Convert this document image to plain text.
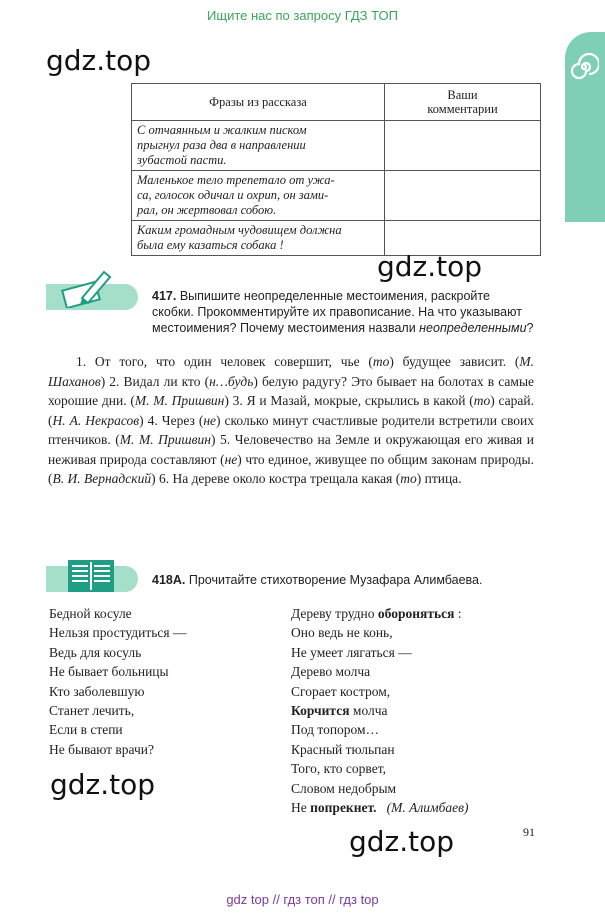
Ищите нас по запросу ГДЗ ТОП
gdz.top
Фразы из рассказа	Ваши
комментарии
С отчаянным и жалким писком
прыгнул раза два в направлении
зубастой пасти.	
Маленькое тело трепетало от ужа-
са, голосок одичал и охрип, он зами-
рал, он жертвовал собою.	
Каким громадным чудовищем должна
была ему казаться собака !	
gdz.top
417. Выпишите неопределенные местоимения, раскройте
скобки. Прокомментируйте их правописание. На что указывают
местоимения? Почему местоимения назвали неопределенными?
1. От того, что один человек совершит, чье (то) будущее зависит. (М. Шаханов) 2. Видал ли кто (н…будь) белую радугу? Это бывает на болотах в самые хорошие дни. (М. М. Пришвин) 3. Я и Мазай, мокрые, скрылись в какой (то) сарай. (Н. А. Некрасов) 4. Через (не) сколько минут счастливые родители встретили своих птенчиков. (М. М. Пришвин) 5. Человечество на Земле и окружающая его живая и неживая природа составляют (не) что единое, живущее по общим законам природы. (В. И. Вернадский) 6. На дереве около костра трещала какая (то) птица.
418А. Прочитайте стихотворение Музафара Алимбаева.
Бедной косуле
Нельзя простудиться —
Ведь для косуль
Не бывает больницы
Кто заболевшую
Станет лечить,
Если в степи
Не бывают врачи?
Дереву трудно обороняться :
Оно ведь не конь,
Не умеет лягаться —
Дерево молча
Сгорает костром,
Корчится молча
Под топором…
Красный тюльпан
Того, кто сорвет,
Словом недобрым
Не попрекнет. (М. Алимбаев)
gdz.top
gdz.top	91
gdz top // гдз топ // гдз top
